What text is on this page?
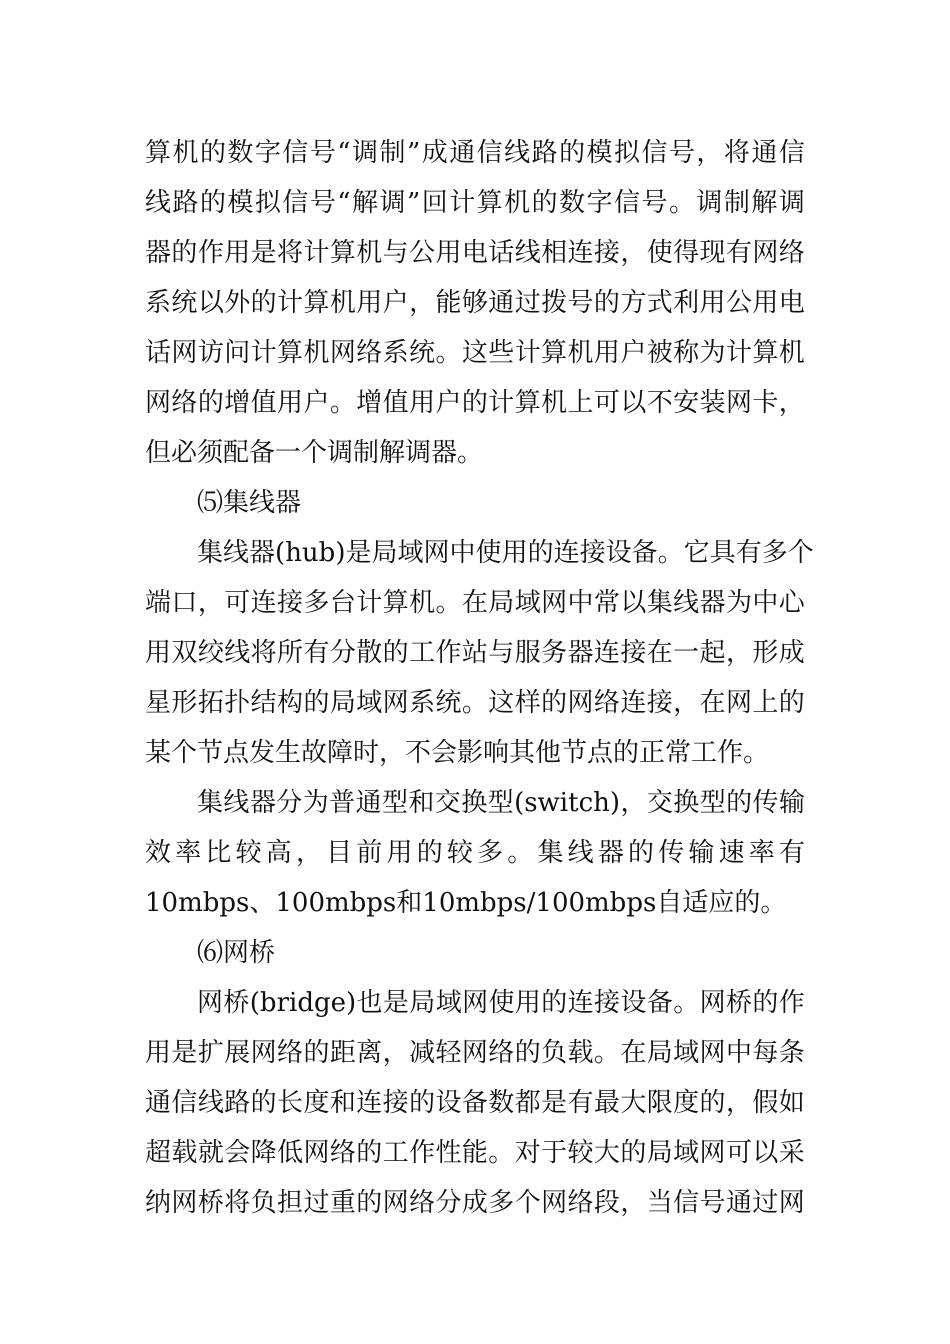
算 机 的 数 字 信 号 “ 调 制 ” 成 通 信 线 路 的 模 拟 信 号 ， 将 通 信
线 路 的 模 拟 信 号 “ 解 调 ” 回 计 算 机 的 数 字 信 号 。 调 制 解 调
器 的 作 用 是 将 计 算 机 与 公 用 电 话 线 相 连 接 ， 使 得 现 有 网 络
系 统 以 外 的 计 算 机 用 户 ， 能 够 通 过 拨 号 的 方 式 利 用 公 用 电
话 网 访 问 计 算 机 网 络 系 统 。 这 些 计 算 机 用 户 被 称 为 计 算 机
网 络 的 增 值 用 户 。 增 值 用 户 的 计 算 机 上 可 以 不 安 装 网 卡 ，
但必须配备一个调制解调器。
⑸集线器
集 线 器 (hub) 是 局 域 网 中 使 用 的 连 接 设 备 。 它 具 有 多 个
端 口 ， 可 连 接 多 台 计 算 机 。 在 局 域 网 中 常 以 集 线 器 为 中 心
用 双 绞 线 将 所 有 分 散 的 工 作 站 与 服 务 器 连 接 在 一 起 ， 形 成
星 形 拓 扑 结 构 的 局 域 网 系 统 。 这 样 的 网 络 连 接 ， 在 网 上 的
某个节点发生故障时，不会影响其他节点的正常工作。
集 线 器 分 为 普 通 型 和 交 换 型 (switch) ， 交 换 型 的 传 输
效 率 比 较 高 ， 目 前 用 的 较 多 。 集 线 器 的 传 输 速 率 有
10mbps、100mbps和10mbps/100mbps自适应的。
⑹网桥
网 桥 (bridge) 也 是 局 域 网 使 用 的 连 接 设 备 。 网 桥 的 作
用 是 扩 展 网 络 的 距 离 ， 减 轻 网 络 的 负 载 。 在 局 域 网 中 每 条
通 信 线 路 的 长 度 和 连 接 的 设 备 数 都 是 有 最 大 限 度 的 ， 假 如
超 载 就 会 降 低 网 络 的 工 作 性 能 。 对 于 较 大 的 局 域 网 可 以 采
纳 网 桥 将 负 担 过 重 的 网 络 分 成 多 个 网 络 段 ， 当 信 号 通 过 网
